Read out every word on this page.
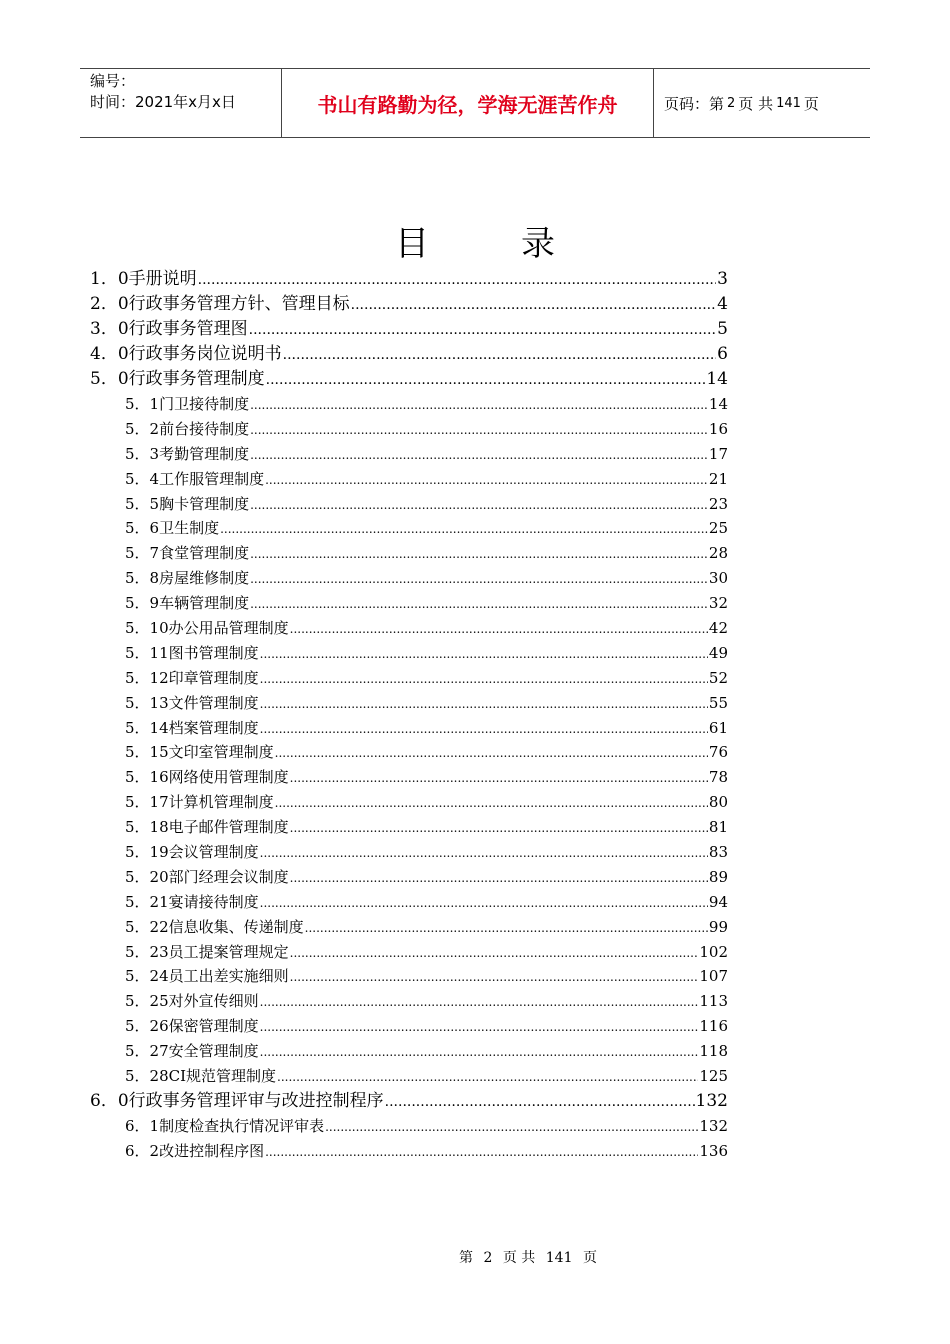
编号：
时间：2021年x月x日	书山有路勤为径，学海无涯苦作舟	页码：第 2 页 共 141 页
目	录
1．0手册说明 .....	3
2．0行政事务管理方针、管理目标 .....	4
3．0行政事务管理图 .....	5
4．0行政事务岗位说明书 .....	6
5．0行政事务管理制度 .....	14
5．1门卫接待制度 .....	14
5．2前台接待制度 .....	16
5．3考勤管理制度 .....	17
5．4工作服管理制度 .....	21
5．5胸卡管理制度 .....	23
5．6卫生制度 .....	25
5．7食堂管理制度 .....	28
5．8房屋维修制度 .....	30
5．9车辆管理制度 .....	32
5．10办公用品管理制度 .....	42
5．11图书管理制度 .....	49
5．12印章管理制度 .....	52
5．13文件管理制度 .....	55
5．14档案管理制度 .....	61
5．15文印室管理制度 .....	76
5．16网络使用管理制度 .....	78
5．17计算机管理制度 .....	80
5．18电子邮件管理制度 .....	81
5．19会议管理制度 .....	83
5．20部门经理会议制度 .....	89
5．21宴请接待制度 .....	94
5．22信息收集、传递制度 .....	99
5．23员工提案管理规定 .....	102
5．24员工出差实施细则 .....	107
5．25对外宣传细则 .....	113
5．26保密管理制度 .....	116
5．27安全管理制度 .....	118
5．28CI规范管理制度 .....	125
6．0行政事务管理评审与改进控制程序 .....	132
6．1制度检查执行情况评审表 .....	132
6．2改进控制程序图 .....	136
第 2 页 共 141 页
